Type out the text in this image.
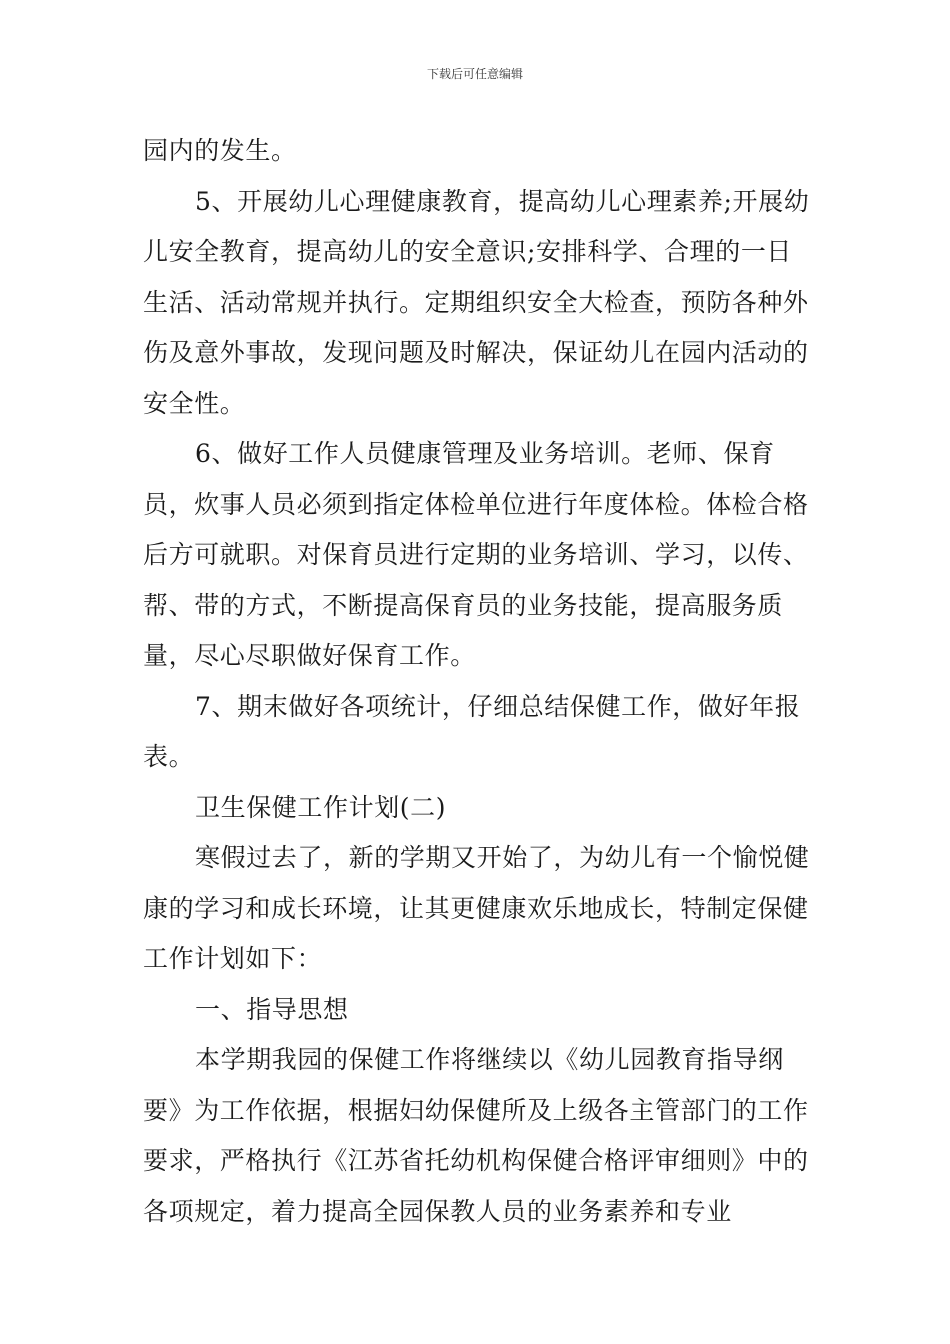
下载后可任意编辑

园内的发生。

5、开展幼儿心理健康教育，提高幼儿心理素养;开展幼儿安全教育，提高幼儿的安全意识;安排科学、合理的一日生活、活动常规并执行。定期组织安全大检查，预防各种外伤及意外事故，发现问题及时解决，保证幼儿在园内活动的安全性。

6、做好工作人员健康管理及业务培训。老师、保育员，炊事人员必须到指定体检单位进行年度体检。体检合格后方可就职。对保育员进行定期的业务培训、学习，以传、帮、带的方式，不断提高保育员的业务技能，提高服务质量，尽心尽职做好保育工作。

7、期末做好各项统计，仔细总结保健工作，做好年报表。

卫生保健工作计划(二)

寒假过去了，新的学期又开始了，为幼儿有一个愉悦健康的学习和成长环境，让其更健康欢乐地成长，特制定保健工作计划如下：

一、指导思想

本学期我园的保健工作将继续以《幼儿园教育指导纲要》为工作依据，根据妇幼保健所及上级各主管部门的工作要求，严格执行《江苏省托幼机构保健合格评审细则》中的各项规定，着力提高全园保教人员的业务素养和专业
